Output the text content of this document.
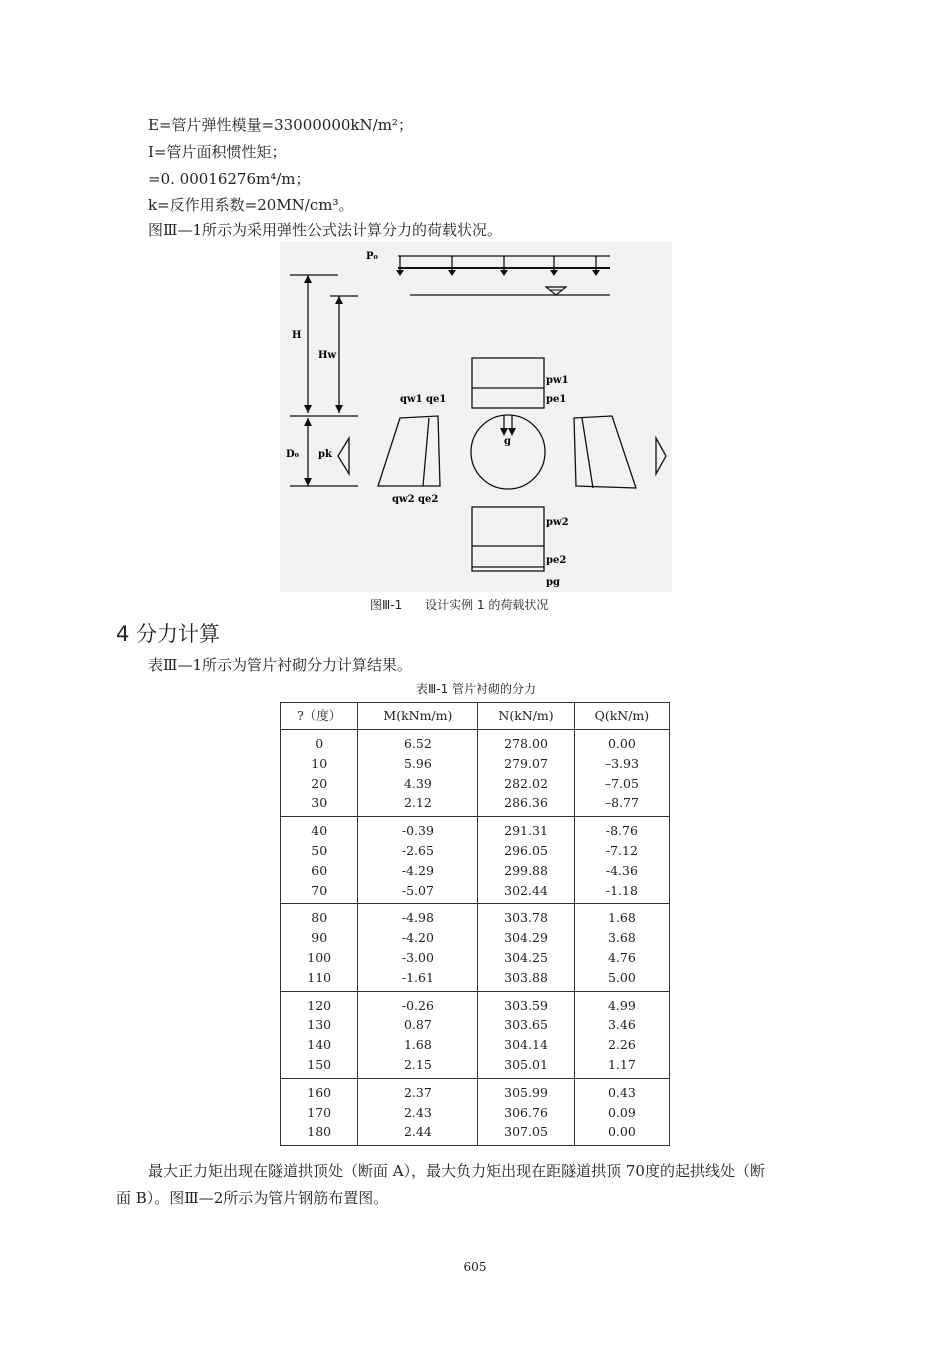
E=管片弹性模量=33000000kN/m²；
I=管片面积惯性矩；
=0. 00016276m⁴/m；
k=反作用系数=20MN/cm³。
图Ⅲ—1所示为采用弹性公式法计算分力的荷载状况。
P₀
H
Hw
D₀ pk
qw1 qe1
qw2 qe2
pw1
pe1
g
pw2
pe2
pg
图Ⅲ-1      设计实例 1 的荷载状况
4 分力计算
表Ⅲ—1所示为管片衬砌分力计算结果。
表Ⅲ-1 管片衬砌的分力
?（度）	M(kNm/m)	N(kN/m)	Q(kN/m)
0	6.52	278.00	0.00
10	5.96	279.07	–3.93
20	4.39	282.02	–7.05
30	2.12	286.36	–8.77
40	-0.39	291.31	-8.76
50	-2.65	296.05	-7.12
60	-4.29	299.88	-4.36
70	-5.07	302.44	-1.18
80	-4.98	303.78	1.68
90	-4.20	304.29	3.68
100	-3.00	304.25	4.76
110	-1.61	303.88	5.00
120	-0.26	303.59	4.99
130	0.87	303.65	3.46
140	1.68	304.14	2.26
150	2.15	305.01	1.17
160	2.37	305.99	0.43
170	2.43	306.76	0.09
180	2.44	307.05	0.00
最大正力矩出现在隧道拱顶处（断面 A），最大负力矩出现在距隧道拱顶 70度的起拱线处（断
面 B）。图Ⅲ—2所示为管片钢筋布置图。
605
